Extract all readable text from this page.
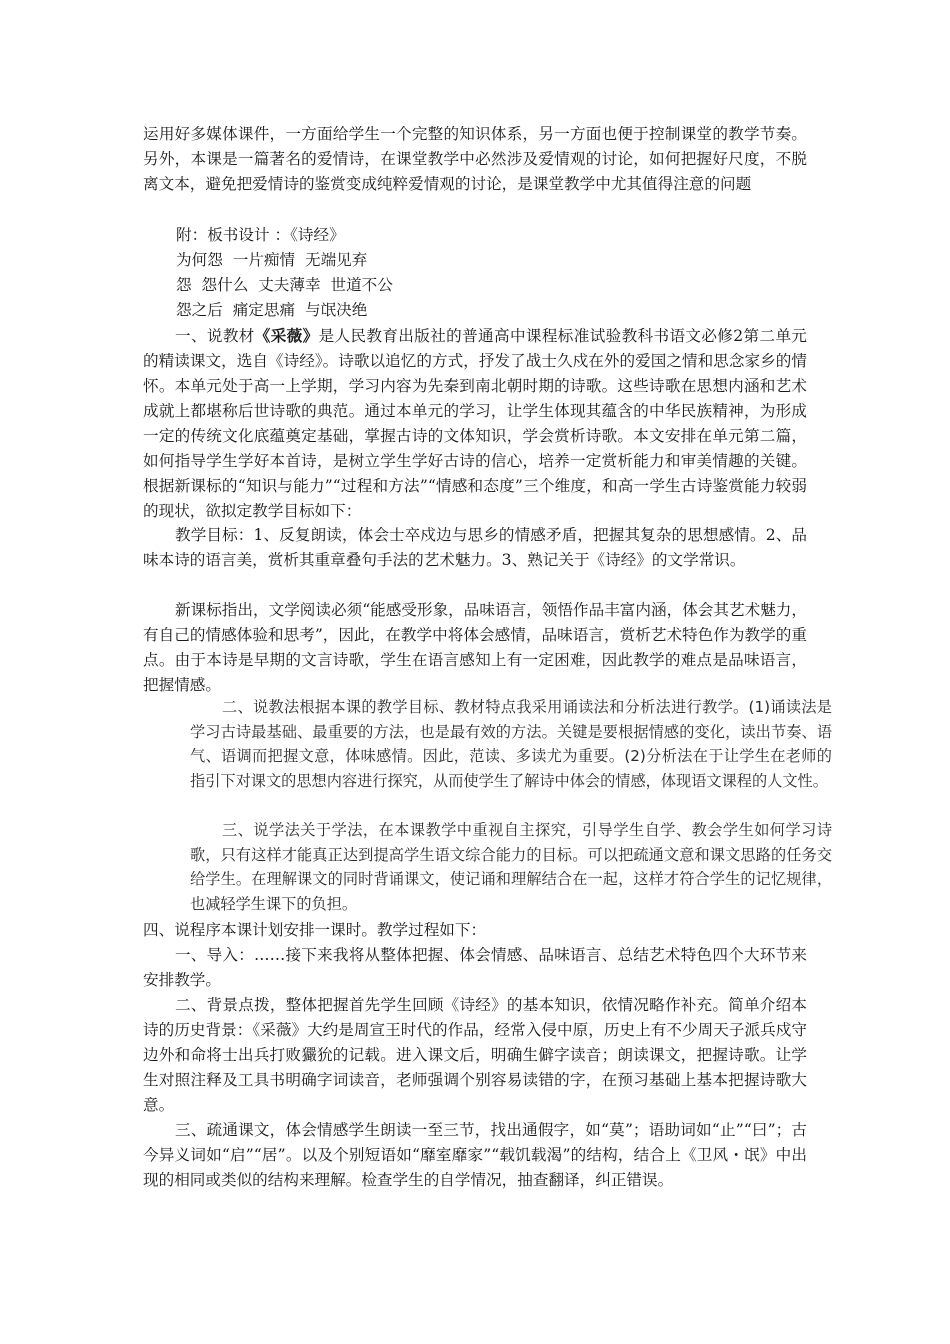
运用好多媒体课件，一方面给学生一个完整的知识体系，另一方面也便于控制课堂的教学节奏。另外，本课是一篇著名的爱情诗，在课堂教学中必然涉及爱情观的讨论，如何把握好尺度，不脱离文本，避免把爱情诗的鉴赏变成纯粹爱情观的讨论，是课堂教学中尤其值得注意的问题

附：板书设计 ：《诗经》
为何怨  一片痴情  无端见弃
怨  怨什么  丈夫薄幸  世道不公
怨之后  痛定思痛  与氓决绝

一、说教材《采薇》是人民教育出版社的普通高中课程标准试验教科书语文必修2第二单元的精读课文，选自《诗经》。诗歌以追忆的方式，抒发了战士久戍在外的爱国之情和思念家乡的情怀。本单元处于高一上学期，学习内容为先秦到南北朝时期的诗歌。这些诗歌在思想内涵和艺术成就上都堪称后世诗歌的典范。通过本单元的学习，让学生体现其蕴含的中华民族精神，为形成一定的传统文化底蕴奠定基础，掌握古诗的文体知识，学会赏析诗歌。本文安排在单元第二篇，如何指导学生学好本首诗，是树立学生学好古诗的信心，培养一定赏析能力和审美情趣的关键。根据新课标的“知识与能力”“过程和方法”“情感和态度”三个维度，和高一学生古诗鉴赏能力较弱的现状，欲拟定教学目标如下：

教学目标：1、反复朗读，体会士卒戍边与思乡的情感矛盾，把握其复杂的思想感情。2、品味本诗的语言美，赏析其重章叠句手法的艺术魅力。3、熟记关于《诗经》的文学常识。

新课标指出，文学阅读必须“能感受形象，品味语言，领悟作品丰富内涵，体会其艺术魅力，有自己的情感体验和思考”，因此，在教学中将体会感情，品味语言，赏析艺术特色作为教学的重点。由于本诗是早期的文言诗歌，学生在语言感知上有一定困难，因此教学的难点是品味语言，把握情感。

二、说教法根据本课的教学目标、教材特点我采用诵读法和分析法进行教学。(1)诵读法是学习古诗最基础、最重要的方法，也是最有效的方法。关键是要根据情感的变化，读出节奏、语气、语调而把握文意，体味感情。因此，范读、多读尤为重要。(2)分析法在于让学生在老师的指引下对课文的思想内容进行探究，从而使学生了解诗中体会的情感，体现语文课程的人文性。

三、说学法关于学法，在本课教学中重视自主探究，引导学生自学、教会学生如何学习诗歌，只有这样才能真正达到提高学生语文综合能力的目标。可以把疏通文意和课文思路的任务交给学生。在理解课文的同时背诵课文，使记诵和理解结合在一起，这样才符合学生的记忆规律，也减轻学生课下的负担。

四、说程序本课计划安排一课时。教学过程如下：

一、导入：……接下来我将从整体把握、体会情感、品味语言、总结艺术特色四个大环节来安排教学。

二、背景点拨，整体把握首先学生回顾《诗经》的基本知识，依情况略作补充。简单介绍本诗的历史背景：《采薇》大约是周宣王时代的作品，经常入侵中原，历史上有不少周天子派兵戍守边外和命将士出兵打败玁狁的记载。进入课文后，明确生僻字读音；朗读课文，把握诗歌。让学生对照注释及工具书明确字词读音，老师强调个别容易读错的字，在预习基础上基本把握诗歌大意。

三、疏通课文，体会情感学生朗读一至三节，找出通假字，如“莫”；语助词如“止”“曰”；古今异义词如“启”“居”。以及个别短语如“靡室靡家”“载饥载渴”的结构，结合上《卫风・氓》中出现的相同或类似的结构来理解。检查学生的自学情况，抽查翻译，纠正错误。
